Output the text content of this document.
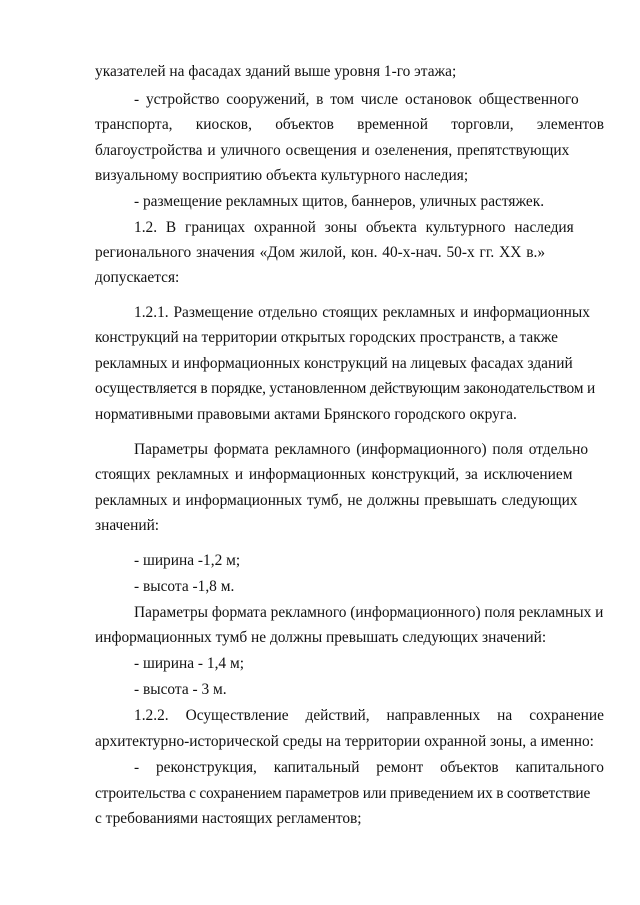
указателей на фасадах зданий выше уровня 1-го этажа;

- устройство сооружений, в том числе остановок общественного

транспорта, киосков, объектов временной торговли, элементов

благоустройства и уличного освещения и озеленения, препятствующих

визуальному восприятию объекта культурного наследия;

- размещение рекламных щитов, баннеров, уличных растяжек.

1.2. В границах охранной зоны объекта культурного наследия

регионального значения «Дом жилой, кон. 40-х-нач. 50-х гг. XX в.»

допускается:

1.2.1. Размещение отдельно стоящих рекламных и информационных

конструкций на территории открытых городских пространств, а также

рекламных и информационных конструкций на лицевых фасадах зданий

осуществляется в порядке, установленном действующим законодательством и

нормативными правовыми актами Брянского городского округа.

Параметры формата рекламного (информационного) поля отдельно

стоящих рекламных и информационных конструкций, за исключением

рекламных и информационных тумб, не должны превышать следующих

значений:

- ширина -1,2 м;

- высота -1,8 м.

Параметры формата рекламного (информационного) поля рекламных и

информационных тумб не должны превышать следующих значений:

- ширина - 1,4 м;

- высота - 3 м.

1.2.2. Осуществление действий, направленных на сохранение

архитектурно-исторической среды на территории охранной зоны, а именно:

- реконструкция, капитальный ремонт объектов капитального

строительства с сохранением параметров или приведением их в соответствие

с требованиями настоящих регламентов;
